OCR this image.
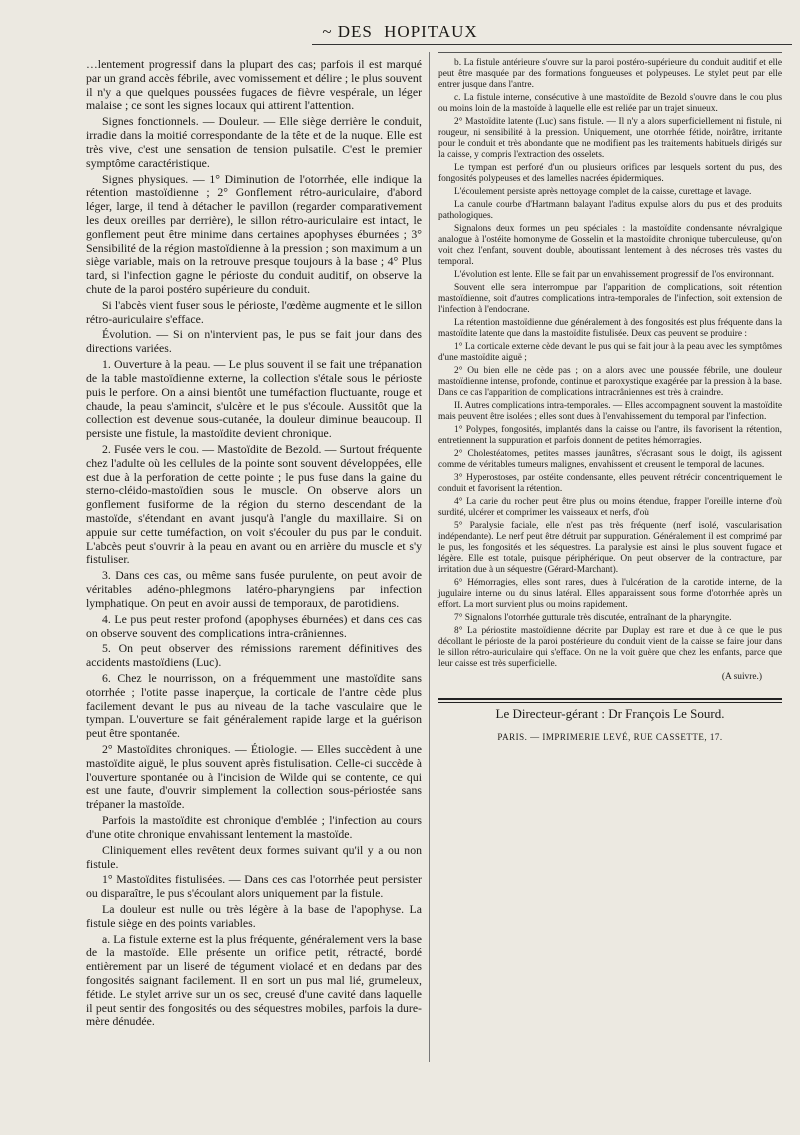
~ DES HOPITAUX

…lentement progressif dans la plupart des cas; parfois il est marqué par un grand accès fébrile, avec vomissement et délire ; le plus souvent il n'y a que quelques poussées fugaces de fièvre vespérale, un léger malaise ; ce sont les signes locaux qui attirent l'attention.

Signes fonctionnels. — Douleur. — Elle siège derrière le conduit, irradie dans la moitié correspondante de la tête et de la nuque. Elle est très vive, c'est une sensation de tension pulsatile. C'est le premier symptôme caractéristique.

Signes physiques. — 1° Diminution de l'otorrhée, elle indique la rétention mastoïdienne ; 2° Gonflement rétro-auriculaire, d'abord léger, large, il tend à détacher le pavillon (regarder comparativement les deux oreilles par derrière), le sillon rétro-auriculaire est intact, le gonflement peut être minime dans certaines apophyses éburnées ; 3° Sensibilité de la région mastoïdienne à la pression ; son maximum a un siège variable, mais on la retrouve presque toujours à la base ; 4° Plus tard, si l'infection gagne le périoste du conduit auditif, on observe la chute de la paroi postéro supérieure du conduit.

Si l'abcès vient fuser sous le périoste, l'œdème augmente et le sillon rétro-auriculaire s'efface.

Évolution. — Si on n'intervient pas, le pus se fait jour dans des directions variées.

1. Ouverture à la peau. — Le plus souvent il se fait une trépanation de la table mastoïdienne externe, la collection s'étale sous le périoste puis le perfore. On a ainsi bientôt une tuméfaction fluctuante, rouge et chaude, la peau s'amincit, s'ulcère et le pus s'écoule. Aussitôt que la collection est devenue sous-cutanée, la douleur diminue beaucoup. Il persiste une fistule, la mastoïdite devient chronique.

2. Fusée vers le cou. — Mastoïdite de Bezold. — Surtout fréquente chez l'adulte où les cellules de la pointe sont souvent développées, elle est due à la perforation de cette pointe ; le pus fuse dans la gaine du sterno-cléido-mastoïdien sous le muscle. On observe alors un gonflement fusiforme de la région du sterno descendant de la mastoïde, s'étendant en avant jusqu'à l'angle du maxillaire. Si on appuie sur cette tuméfaction, on voit s'écouler du pus par le conduit. L'abcès peut s'ouvrir à la peau en avant ou en arrière du muscle et s'y fistuliser.

3. Dans ces cas, ou même sans fusée purulente, on peut avoir de véritables adéno-phlegmons latéro-pharyngiens par infection lymphatique. On peut en avoir aussi de temporaux, de parotidiens.

4. Le pus peut rester profond (apophyses éburnées) et dans ces cas on observe souvent des complications intra-crâniennes.

5. On peut observer des rémissions rarement définitives des accidents mastoïdiens (Luc).

6. Chez le nourrisson, on a fréquemment une mastoïdite sans otorrhée ; l'otite passe inaperçue, la corticale de l'antre cède plus facilement devant le pus au niveau de la tache vasculaire que le tympan. L'ouverture se fait généralement rapide large et la guérison peut être spontanée.

2° Mastoïdites chroniques. — Étiologie. — Elles succèdent à une mastoïdite aiguë, le plus souvent après fistulisation. Celle-ci succède à l'ouverture spontanée ou à l'incision de Wilde qui se contente, ce qui est une faute, d'ouvrir simplement la collection sous-périostée sans trépaner la mastoïde.

Parfois la mastoïdite est chronique d'emblée ; l'infection au cours d'une otite chronique envahissant lentement la mastoïde.

Cliniquement elles revêtent deux formes suivant qu'il y a ou non fistule.

1° Mastoïdites fistulisées. — Dans ces cas l'otorrhée peut persister ou disparaître, le pus s'écoulant alors uniquement par la fistule.

La douleur est nulle ou très légère à la base de l'apophyse. La fistule siège en des points variables.

a. La fistule externe est la plus fréquente, généralement vers la base de la mastoïde. Elle présente un orifice petit, rétracté, bordé entièrement par un liseré de tégument violacé et en dedans par des fongosités saignant facilement. Il en sort un pus mal lié, grumeleux, fétide. Le stylet arrive sur un os sec, creusé d'une cavité dans laquelle il peut sentir des fongosités ou des séquestres mobiles, parfois la dure-mère dénudée.

b. La fistule antérieure s'ouvre sur la paroi postéro-supérieure du conduit auditif et elle peut être masquée par des formations fongueuses et polypeuses. Le stylet peut par elle entrer jusque dans l'antre.

c. La fistule interne, consécutive à une mastoïdite de Bezold s'ouvre dans le cou plus ou moins loin de la mastoïde à laquelle elle est reliée par un trajet sinueux.

2° Mastoïdite latente (Luc) sans fistule. — Il n'y a alors superficiellement ni fistule, ni rougeur, ni sensibilité à la pression. Uniquement, une otorrhée fétide, noirâtre, irritante pour le conduit et très abondante que ne modifient pas les traitements habituels dirigés sur la caisse, y compris l'extraction des osselets.

Le tympan est perforé d'un ou plusieurs orifices par lesquels sortent du pus, des fongosités polypeuses et des lamelles nacrées épidermiques.

L'écoulement persiste après nettoyage complet de la caisse, curettage et lavage.

La canule courbe d'Hartmann balayant l'aditus expulse alors du pus et des produits pathologiques.

Signalons deux formes un peu spéciales : la mastoïdite condensante névralgique analogue à l'ostéite homonyme de Gosselin et la mastoïdite chronique tuberculeuse, qu'on voit chez l'enfant, souvent double, aboutissant lentement à des nécroses très vastes du temporal.

L'évolution est lente. Elle se fait par un envahissement progressif de l'os environnant.

Souvent elle sera interrompue par l'apparition de complications, soit rétention mastoïdienne, soit d'autres complications intra-temporales de l'infection, soit extension de l'infection à l'endocrane.

La rétention mastoïdienne due généralement à des fongosités est plus fréquente dans la mastoïdite latente que dans la mastoïdite fistulisée. Deux cas peuvent se produire :

1° La corticale externe cède devant le pus qui se fait jour à la peau avec les symptômes d'une mastoïdite aiguë ;

2° Ou bien elle ne cède pas ; on a alors avec une poussée fébrile, une douleur mastoïdienne intense, profonde, continue et paroxystique exagérée par la pression à la base. Dans ce cas l'apparition de complications intracrâniennes est très à craindre.

II. Autres complications intra-temporales. — Elles accompagnent souvent la mastoïdite mais peuvent être isolées ; elles sont dues à l'envahissement du temporal par l'infection.

1° Polypes, fongosités, implantés dans la caisse ou l'antre, ils favorisent la rétention, entretiennent la suppuration et parfois donnent de petites hémorragies.

2° Cholestéatomes, petites masses jaunâtres, s'écrasant sous le doigt, ils agissent comme de véritables tumeurs malignes, envahissent et creusent le temporal de lacunes.

3° Hyperostoses, par ostéite condensante, elles peuvent rétrécir concentriquement le conduit et favorisent la rétention.

4° La carie du rocher peut être plus ou moins étendue, frapper l'oreille interne d'où surdité, ulcérer et comprimer les vaisseaux et nerfs, d'où

5° Paralysie faciale, elle n'est pas très fréquente (nerf isolé, vascularisation indépendante). Le nerf peut être détruit par suppuration. Généralement il est comprimé par le pus, les fongosités et les séquestres. La paralysie est ainsi le plus souvent fugace et légère. Elle est totale, puisque périphérique. On peut observer de la contracture, par irritation due à un séquestre (Gérard-Marchant).

6° Hémorragies, elles sont rares, dues à l'ulcération de la carotide interne, de la jugulaire interne ou du sinus latéral. Elles apparaissent sous forme d'otorrhée après un effort. La mort survient plus ou moins rapidement.

7° Signalons l'otorrhée gutturale très discutée, entraînant de la pharyngite.

8° La périostite mastoïdienne décrite par Duplay est rare et due à ce que le pus décollant le périoste de la paroi postérieure du conduit vient de la caisse se faire jour dans le sillon rétro-auriculaire qui s'efface. On ne la voit guère que chez les enfants, parce que leur caisse est très superficielle.

(A suivre.)

Le Directeur-gérant : Dr François Le Sourd.
PARIS. — IMPRIMERIE LEVÉ, RUE CASSETTE, 17.
